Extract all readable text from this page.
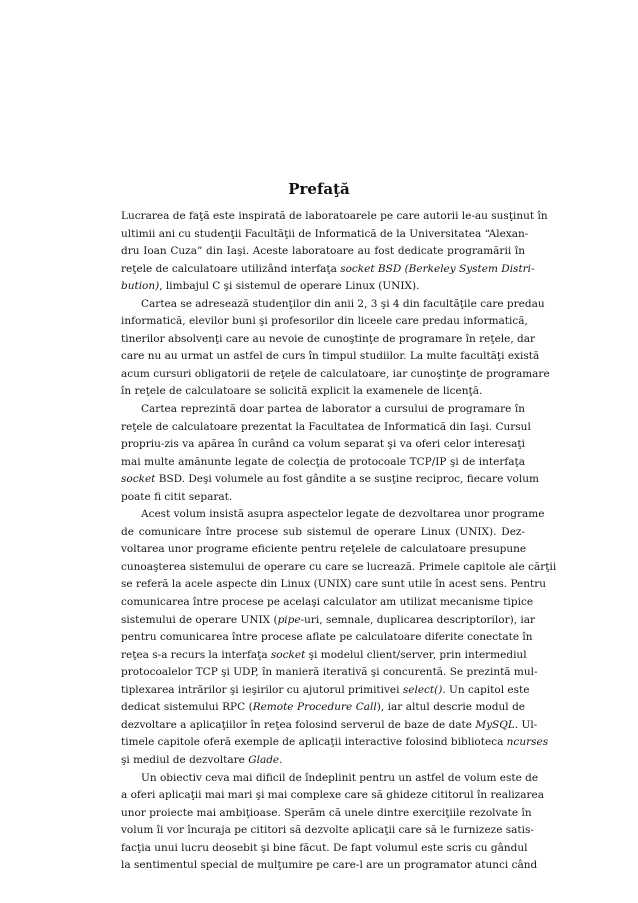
Prefaţă
Lucrarea de faţă este inspirată de laboratoarele pe care autorii le-au susţinut în
ultimii ani cu studenţii Facultăţii de Informatică de la Universitatea “Alexan-
dru Ioan Cuza” din Iaşi. Aceste laboratoare au fost dedicate programării în
reţele de calculatoare utilizând interfaţa socket BSD (Berkeley System Distri-
bution), limbajul C şi sistemul de operare Linux (UNIX).
Cartea se adresează studenţilor din anii 2, 3 şi 4 din facultăţile care predau
informatică, elevilor buni şi profesorilor din liceele care predau informatică,
tinerilor absolvenţi care au nevoie de cunoştinţe de programare în reţele, dar
care nu au urmat un astfel de curs în timpul studiilor. La multe facultăţi există
acum cursuri obligatorii de reţele de calculatoare, iar cunoştinţe de programare
în reţele de calculatoare se solicită explicit la examenele de licenţă.
Cartea reprezintă doar partea de laborator a cursului de programare în
reţele de calculatoare prezentat la Facultatea de Informatică din Iaşi. Cursul
propriu-zis va apărea în curând ca volum separat şi va oferi celor interesaţi
mai multe amănunte legate de colecţia de protocoale TCP/IP şi de interfaţa
socket BSD. Deşi volumele au fost gândite a se susţine reciproc, fiecare volum
poate fi citit separat.
Acest volum insistă asupra aspectelor legate de dezvoltarea unor programe
de comunicare între procese sub sistemul de operare Linux (UNIX). Dez-
voltarea unor programe eficiente pentru reţelele de calculatoare presupune
cunoaşterea sistemului de operare cu care se lucrează. Primele capitole ale cărţii
se referă la acele aspecte din Linux (UNIX) care sunt utile în acest sens. Pentru
comunicarea între procese pe acelaşi calculator am utilizat mecanisme tipice
sistemului de operare UNIX (pipe-uri, semnale, duplicarea descriptorilor), iar
pentru comunicarea între procese aflate pe calculatoare diferite conectate în
reţea s-a recurs la interfaţa socket şi modelul client/server, prin intermediul
protocoalelor TCP şi UDP, în manieră iterativă şi concurentă. Se prezintă mul-
tiplexarea intrărilor şi ieşirilor cu ajutorul primitivei select(). Un capitol este
dedicat sistemului RPC (Remote Procedure Call), iar altul descrie modul de
dezvoltare a aplicaţiilor în reţea folosind serverul de baze de date MySQL. Ul-
timele capitole oferă exemple de aplicaţii interactive folosind biblioteca ncurses
şi mediul de dezvoltare Glade.
Un obiectiv ceva mai dificil de îndeplinit pentru un astfel de volum este de
a oferi aplicaţii mai mari şi mai complexe care să ghideze cititorul în realizarea
unor proiecte mai ambiţioase. Sperăm că unele dintre exerciţiile rezolvate în
volum îi vor încuraja pe cititori să dezvolte aplicaţii care să le furnizeze satis-
facţia unui lucru deosebit şi bine făcut. De fapt volumul este scris cu gândul
la sentimentul special de mulţumire pe care-l are un programator atunci când
